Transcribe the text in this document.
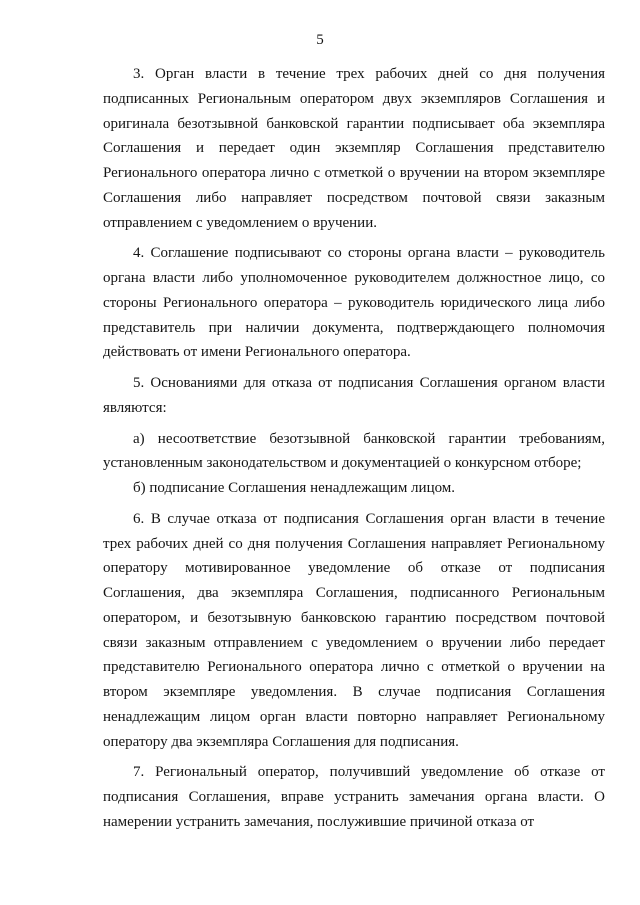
5

3. Орган власти в течение трех рабочих дней со дня получения подписанных Региональным оператором двух экземпляров Соглашения и оригинала безотзывной банковской гарантии подписывает оба экземпляра Соглашения и передает один экземпляр Соглашения представителю Регионального оператора лично с отметкой о вручении на втором экземпляре Соглашения либо направляет посредством почтовой связи заказным отправлением с уведомлением о вручении.

4. Соглашение подписывают со стороны органа власти – руководитель органа власти либо уполномоченное руководителем должностное лицо, со стороны Регионального оператора – руководитель юридического лица либо представитель при наличии документа, подтверждающего полномочия действовать от имени Регионального оператора.

5. Основаниями для отказа от подписания Соглашения органом власти являются:

а) несоответствие безотзывной банковской гарантии требованиям, установленным законодательством и документацией о конкурсном отборе;

б) подписание Соглашения ненадлежащим лицом.

6. В случае отказа от подписания Соглашения орган власти в течение трех рабочих дней со дня получения Соглашения направляет Региональному оператору мотивированное уведомление об отказе от подписания Соглашения, два экземпляра Соглашения, подписанного Региональным оператором, и безотзывную банковскою гарантию посредством почтовой связи заказным отправлением с уведомлением о вручении либо передает представителю Регионального оператора лично с отметкой о вручении на втором экземпляре уведомления. В случае подписания Соглашения ненадлежащим лицом орган власти повторно направляет Региональному оператору два экземпляра Соглашения для подписания.

7. Региональный оператор, получивший уведомление об отказе от подписания Соглашения, вправе устранить замечания органа власти. О намерении устранить замечания, послужившие причиной отказа от
